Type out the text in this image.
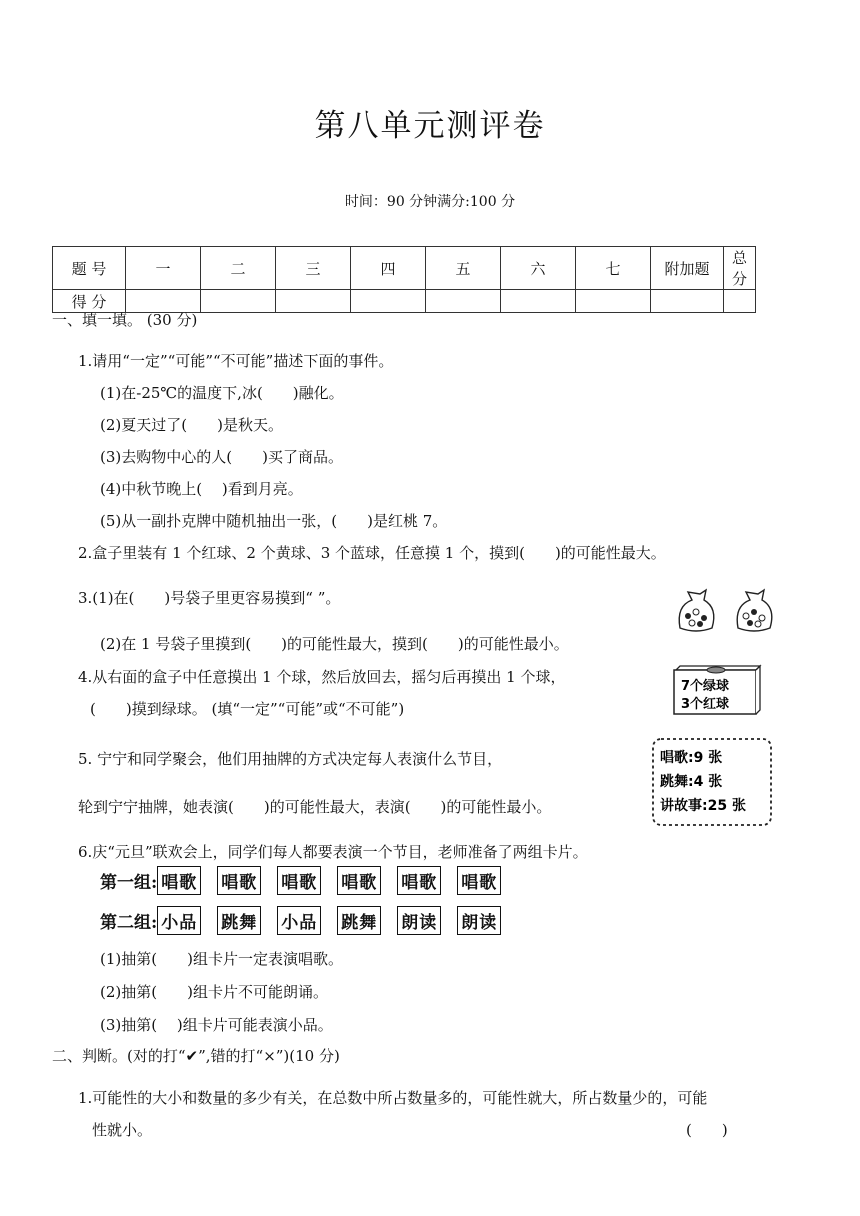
第八单元测评卷
时间：90 分钟满分:100 分
题 号	一	二	三	四	五	六	七	附加题	总 分
得 分									
一、填一填。 (30 分)
1.请用“一定”“可能”“不可能”描述下面的事件。
(1)在-25℃的温度下,冰(　　)融化。
(2)夏天过了(　　)是秋天。
(3)去购物中心的人(　　)买了商品。
(4)中秋节晚上(　 )看到月亮。
(5)从一副扑克牌中随机抽出一张，(　　)是红桃 7。
2.盒子里装有 1 个红球、2 个黄球、3 个蓝球，任意摸 1 个，摸到(　　)的可能性最大。
3.(1)在(　　)号袋子里更容易摸到“ ”。
(2)在 1 号袋子里摸到(　　)的可能性最大，摸到(　　)的可能性最小。
4.从右面的盒子中任意摸出 1 个球，然后放回去，摇匀后再摸出 1 个球，
(　　)摸到绿球。 (填“一定”“可能”或“不可能”)
7个绿球
3个红球
5. 宁宁和同学聚会，他们用抽牌的方式决定每人表演什么节目，
轮到宁宁抽牌，她表演(　　)的可能性最大，表演(　　)的可能性最小。
唱歌:9 张
跳舞:4 张
讲故事:25 张
6.庆“元旦”联欢会上，同学们每人都要表演一个节目，老师准备了两组卡片。
第一组: 唱歌 唱歌 唱歌 唱歌 唱歌 唱歌
第二组: 小品 跳舞 小品 跳舞 朗读 朗读
(1)抽第(　　)组卡片一定表演唱歌。
(2)抽第(　　)组卡片不可能朗诵。
(3)抽第(　 )组卡片可能表演小品。
二、判断。(对的打“✔”,错的打“×”)(10 分)
1.可能性的大小和数量的多少有关，在总数中所占数量多的，可能性就大，所占数量少的，可能
性就小。	(　　)
